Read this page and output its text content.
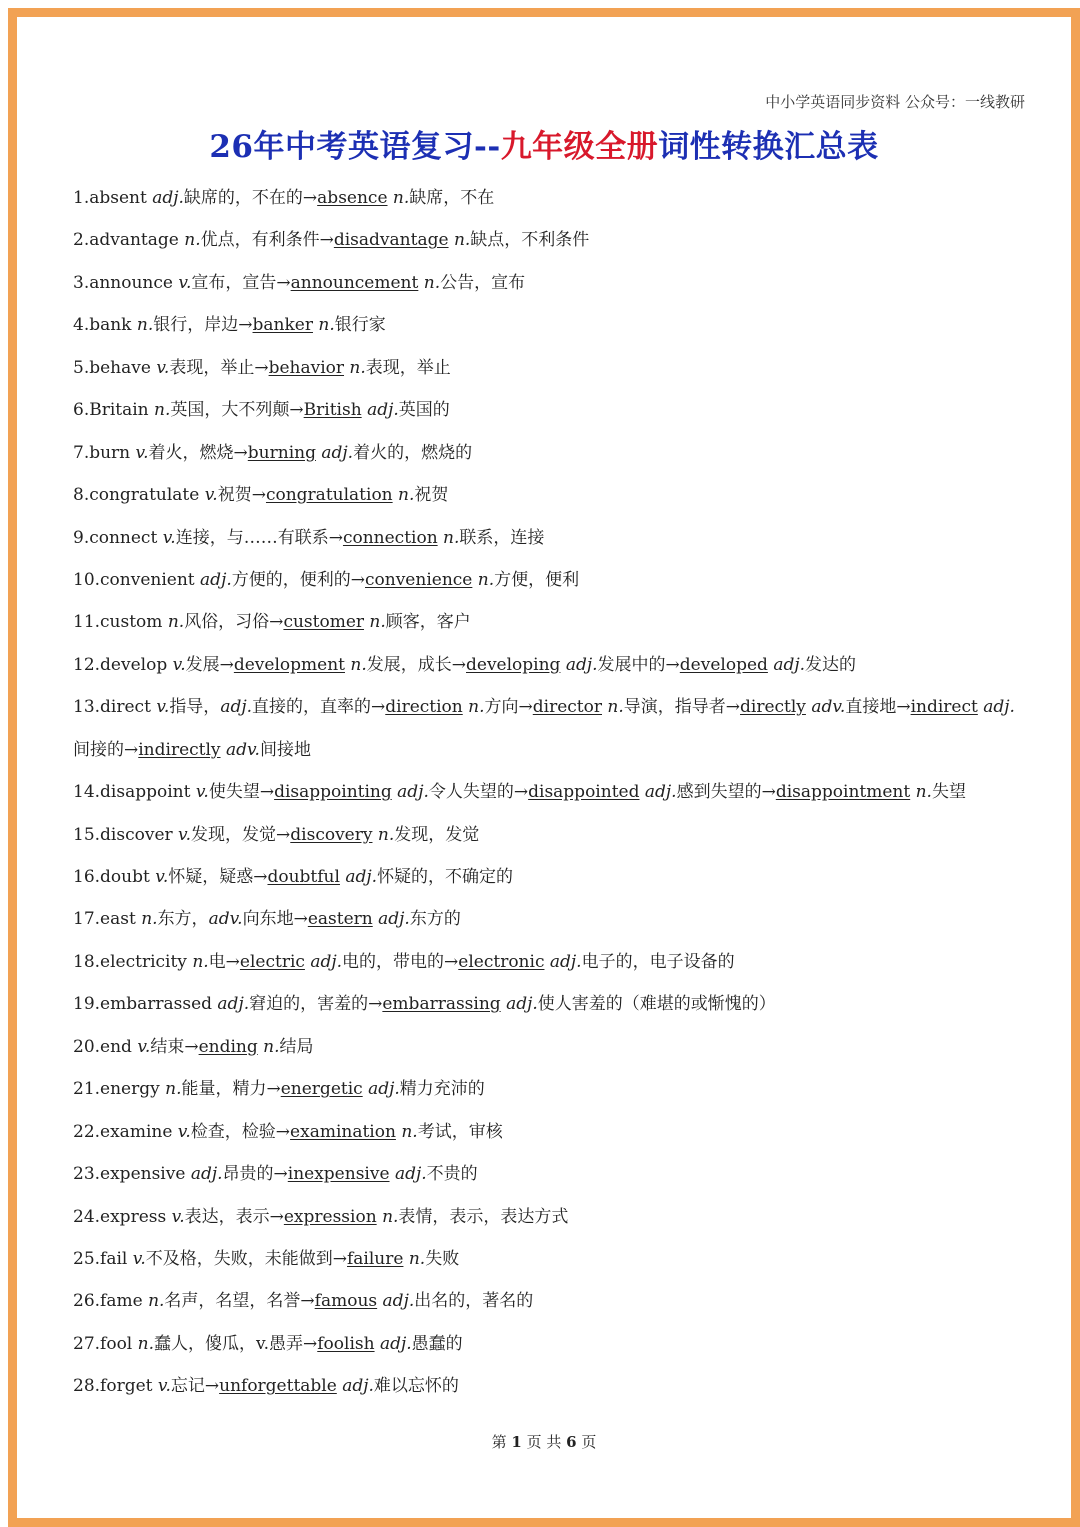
中小学英语同步资料 公众号：一线教研
26年中考英语复习--九年级全册词性转换汇总表
1.absent adj.缺席的，不在的→absence n.缺席，不在
2.advantage n.优点，有利条件→disadvantage n.缺点，不利条件
3.announce v.宣布，宣告→announcement n.公告，宣布
4.bank n.银行，岸边→banker n.银行家
5.behave v.表现，举止→behavior n.表现，举止
6.Britain n.英国，大不列颠→British adj.英国的
7.burn v.着火，燃烧→burning adj.着火的，燃烧的
8.congratulate v.祝贺→congratulation n.祝贺
9.connect v.连接，与……有联系→connection n.联系，连接
10.convenient adj.方便的，便利的→convenience n.方便，便利
11.custom n.风俗，习俗→customer n.顾客，客户
12.develop v.发展→development n.发展，成长→developing adj.发展中的→developed adj.发达的
13.direct v.指导，adj.直接的，直率的→direction n.方向→director n.导演，指导者→directly adv.直接地→indirect adj.
间接的→indirectly adv.间接地
14.disappoint v.使失望→disappointing adj.令人失望的→disappointed adj.感到失望的→disappointment n.失望
15.discover v.发现，发觉→discovery n.发现，发觉
16.doubt v.怀疑，疑惑→doubtful adj.怀疑的，不确定的
17.east n.东方，adv.向东地→eastern adj.东方的
18.electricity n.电→electric adj.电的，带电的→electronic adj.电子的，电子设备的
19.embarrassed adj.窘迫的，害羞的→embarrassing adj.使人害羞的（难堪的或惭愧的）
20.end v.结束→ending n.结局
21.energy n.能量，精力→energetic adj.精力充沛的
22.examine v.检查，检验→examination n.考试，审核
23.expensive adj.昂贵的→inexpensive adj.不贵的
24.express v.表达，表示→expression n.表情，表示，表达方式
25.fail v.不及格，失败，未能做到→failure n.失败
26.fame n.名声，名望，名誉→famous adj.出名的，著名的
27.fool n.蠢人，傻瓜，v.愚弄→foolish adj.愚蠢的
28.forget v.忘记→unforgettable adj.难以忘怀的
第 1 页 共 6 页
